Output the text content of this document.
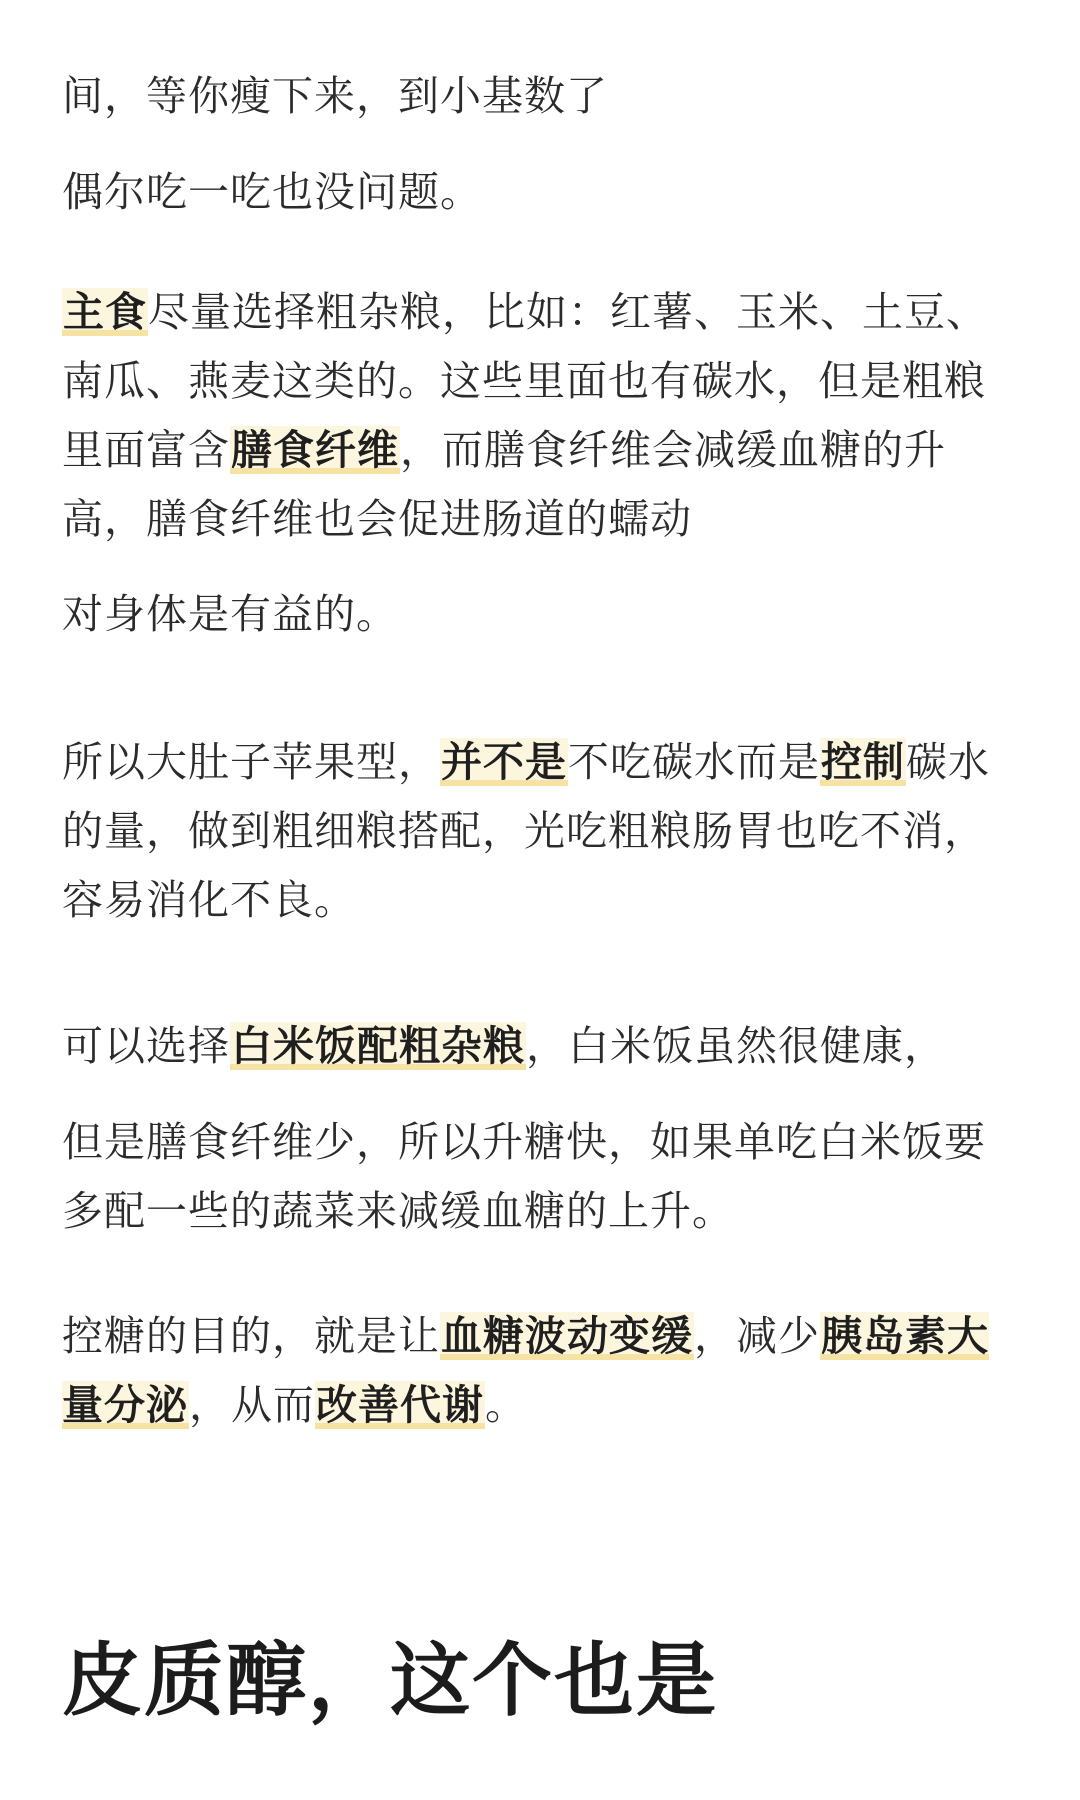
间，等你瘦下来，到小基数了

偶尔吃一吃也没问题。

主食尽量选择粗杂粮，比如：红薯、玉米、土豆、南瓜、燕麦这类的。这些里面也有碳水，但是粗粮里面富含膳食纤维，而膳食纤维会减缓血糖的升高，膳食纤维也会促进肠道的蠕动

对身体是有益的。

所以大肚子苹果型，并不是不吃碳水而是控制碳水的量，做到粗细粮搭配，光吃粗粮肠胃也吃不消，容易消化不良。

可以选择白米饭配粗杂粮，白米饭虽然很健康，

但是膳食纤维少，所以升糖快，如果单吃白米饭要多配一些的蔬菜来减缓血糖的上升。

控糖的目的，就是让血糖波动变缓，减少胰岛素大量分泌，从而改善代谢。

皮质醇，这个也是
